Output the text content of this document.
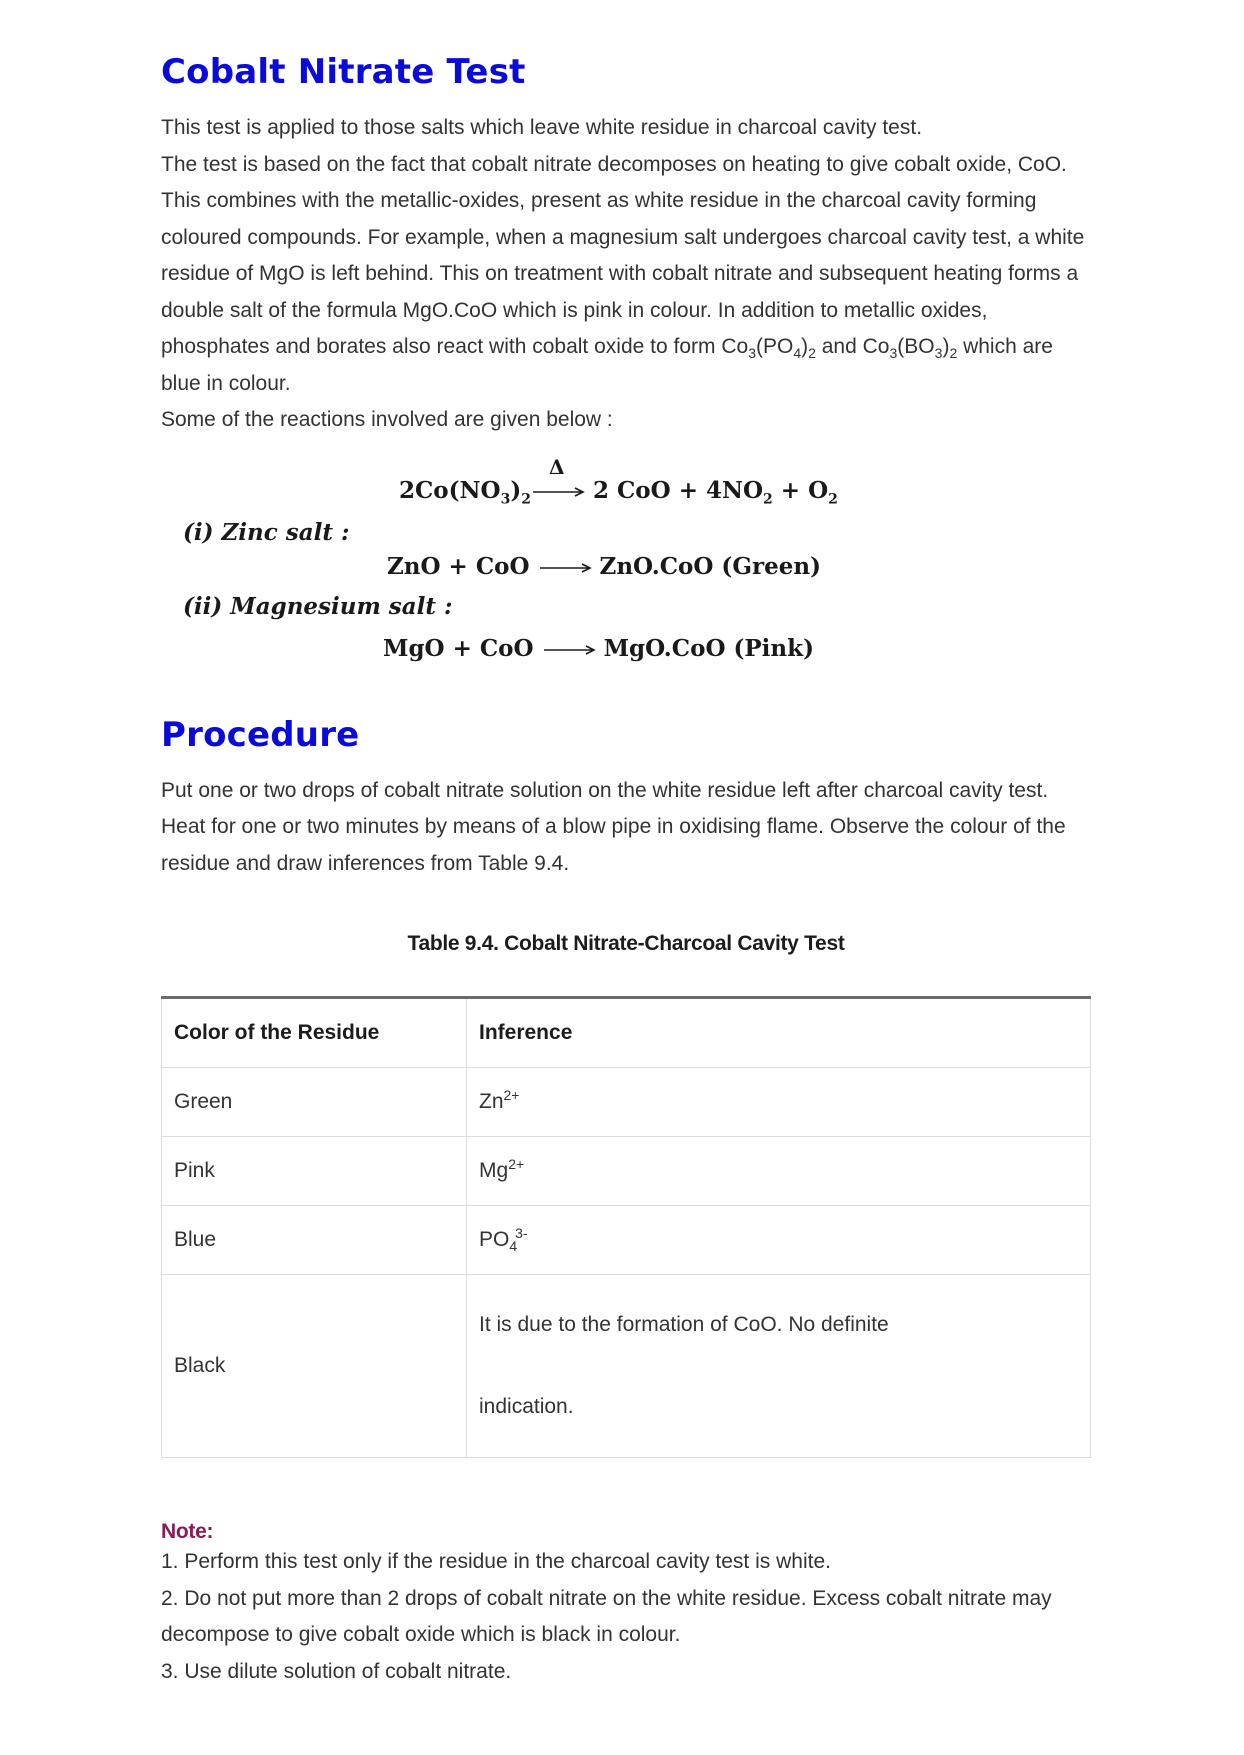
Cobalt Nitrate Test

This test is applied to those salts which leave white residue in charcoal cavity test.

The test is based on the fact that cobalt nitrate decomposes on heating to give cobalt oxide, CoO. This combines with the metallic-oxides, present as white residue in the charcoal cavity forming coloured compounds. For example, when a magnesium salt undergoes charcoal cavity test, a white residue of MgO is left behind. This on treatment with cobalt nitrate and subsequent heating forms a double salt of the formula MgO.CoO which is pink in colour. In addition to metallic oxides, phosphates and borates also react with cobalt oxide to form $Co_3(PO_4)_2$ and $Co_3(BO_3)_2$ which are blue in colour.

Some of the reactions involved are given below :

$2Co(NO_3)_2$
Δ
2 CoO + $4NO_2 + O_2$
(i) Zinc salt :
ZnO + CoO → ZnO.CoO (Green)
(ii) Magnesium salt :
MgO + CoO → MgO.CoO (Pink)
Procedure

Put one or two drops of cobalt nitrate solution on the white residue left after charcoal cavity test. Heat for one or two minutes by means of a blow pipe in oxidising flame. Observe the colour of the residue and draw inferences from Table 9.4.

Table 9.4. Cobalt Nitrate-Charcoal Cavity Test
Color of the Residue	Inference
Green	$Zn^{2+}$
Pink	$Mg^{2+}$
Blue	$PO_4^{3-}$
Black	It is due to the formation of CoO. No definite
indication.
Note:
1. Perform this test only if the residue in the charcoal cavity test is white.
2. Do not put more than 2 drops of cobalt nitrate on the white residue. Excess cobalt nitrate may decompose to give cobalt oxide which is black in colour.
3. Use dilute solution of cobalt nitrate.
